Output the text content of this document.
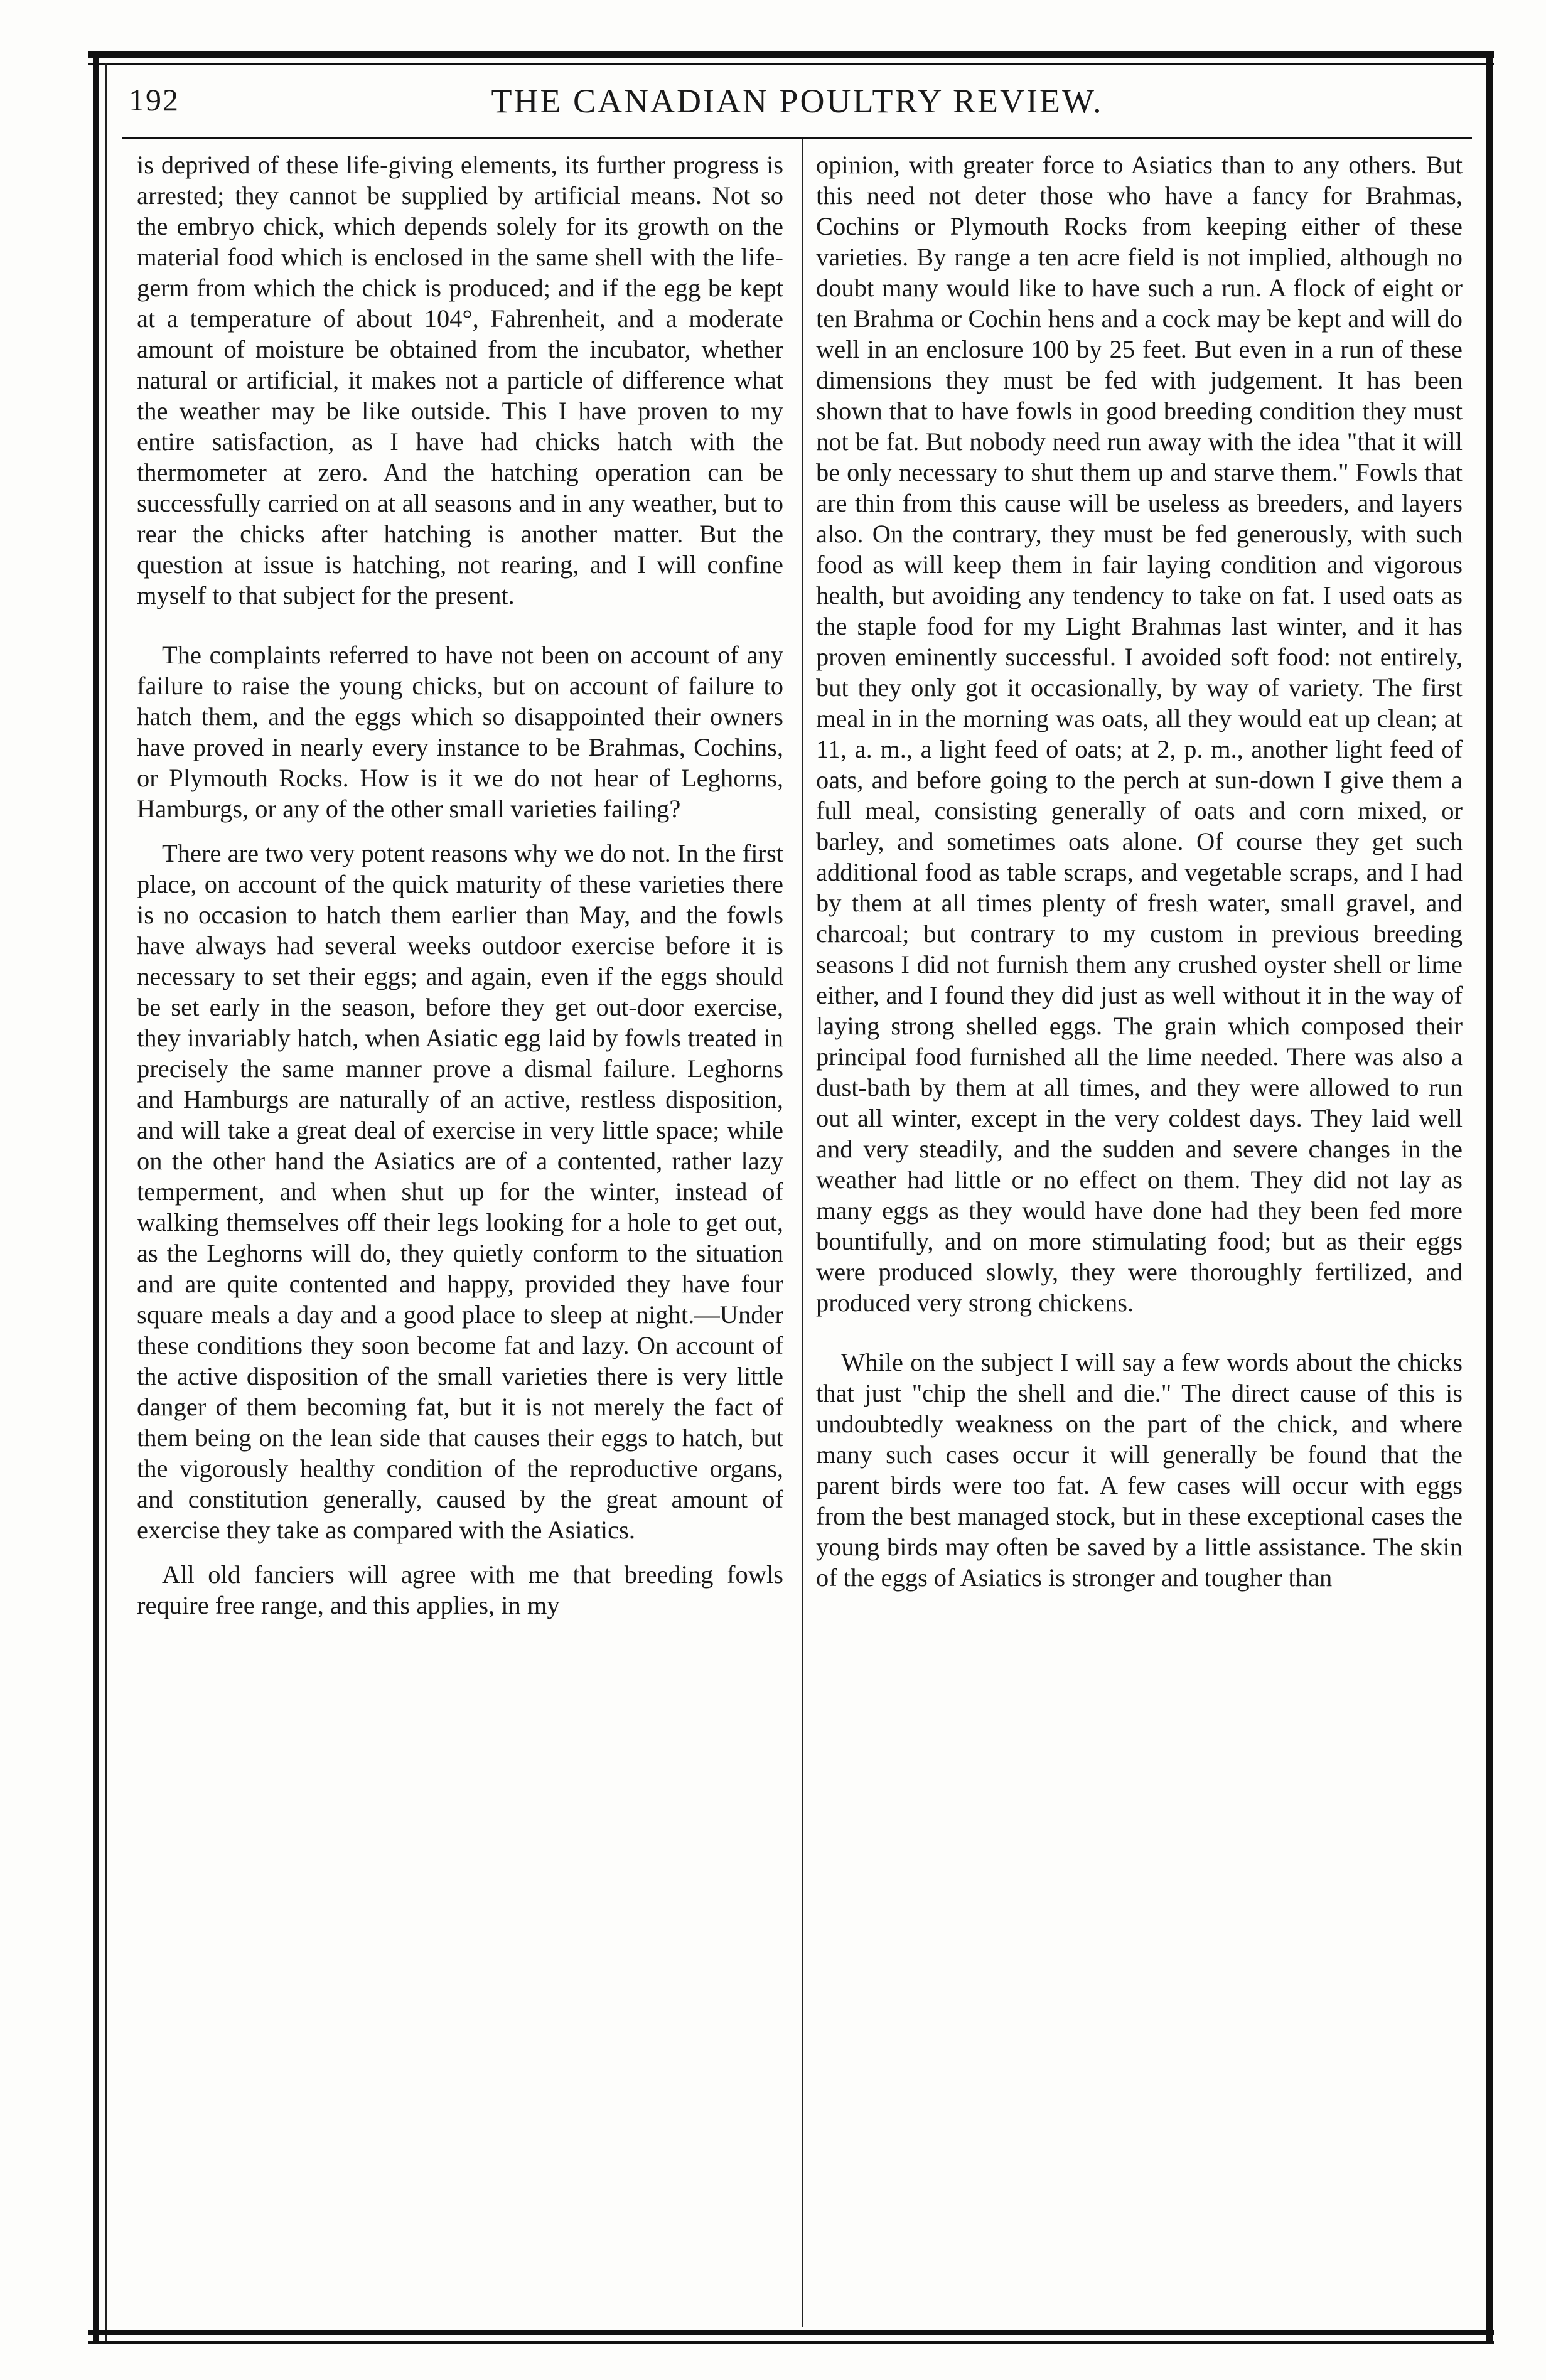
192	THE CANADIAN POULTRY REVIEW.

is deprived of these life-giving elements, its further progress is arrested; they cannot be supplied by artificial means. Not so the embryo chick, which depends solely for its growth on the material food which is enclosed in the same shell with the life-germ from which the chick is produced; and if the egg be kept at a temperature of about 104°, Fahrenheit, and a moderate amount of moisture be obtained from the incubator, whether natural or artificial, it makes not a particle of difference what the weather may be like outside. This I have proven to my entire satisfaction, as I have had chicks hatch with the thermometer at zero. And the hatching operation can be successfully carried on at all seasons and in any weather, but to rear the chicks after hatching is another matter. But the question at issue is hatching, not rearing, and I will confine myself to that subject for the present.

The complaints referred to have not been on account of any failure to raise the young chicks, but on account of failure to hatch them, and the eggs which so disappointed their owners have proved in nearly every instance to be Brahmas, Cochins, or Plymouth Rocks. How is it we do not hear of Leghorns, Hamburgs, or any of the other small varieties failing?

There are two very potent reasons why we do not. In the first place, on account of the quick maturity of these varieties there is no occasion to hatch them earlier than May, and the fowls have always had several weeks outdoor exercise before it is necessary to set their eggs; and again, even if the eggs should be set early in the season, before they get out-door exercise, they invariably hatch, when Asiatic egg laid by fowls treated in precisely the same manner prove a dismal failure. Leghorns and Hamburgs are naturally of an active, restless disposition, and will take a great deal of exercise in very little space; while on the other hand the Asiatics are of a contented, rather lazy temperment, and when shut up for the winter, instead of walking themselves off their legs looking for a hole to get out, as the Leghorns will do, they quietly conform to the situation and are quite contented and happy, provided they have four square meals a day and a good place to sleep at night.—Under these conditions they soon become fat and lazy. On account of the active disposition of the small varieties there is very little danger of them becoming fat, but it is not merely the fact of them being on the lean side that causes their eggs to hatch, but the vigorously healthy condition of the reproductive organs, and constitution generally, caused by the great amount of exercise they take as compared with the Asiatics.

All old fanciers will agree with me that breeding fowls require free range, and this applies, in my

opinion, with greater force to Asiatics than to any others. But this need not deter those who have a fancy for Brahmas, Cochins or Plymouth Rocks from keeping either of these varieties. By range a ten acre field is not implied, although no doubt many would like to have such a run. A flock of eight or ten Brahma or Cochin hens and a cock may be kept and will do well in an enclosure 100 by 25 feet. But even in a run of these dimensions they must be fed with judgement. It has been shown that to have fowls in good breeding condition they must not be fat. But nobody need run away with the idea "that it will be only necessary to shut them up and starve them." Fowls that are thin from this cause will be useless as breeders, and layers also. On the contrary, they must be fed generously, with such food as will keep them in fair laying condition and vigorous health, but avoiding any tendency to take on fat. I used oats as the staple food for my Light Brahmas last winter, and it has proven eminently successful. I avoided soft food: not entirely, but they only got it occasionally, by way of variety. The first meal in in the morning was oats, all they would eat up clean; at 11, a. m., a light feed of oats; at 2, p. m., another light feed of oats, and before going to the perch at sun-down I give them a full meal, consisting generally of oats and corn mixed, or barley, and sometimes oats alone. Of course they get such additional food as table scraps, and vegetable scraps, and I had by them at all times plenty of fresh water, small gravel, and charcoal; but contrary to my custom in previous breeding seasons I did not furnish them any crushed oyster shell or lime either, and I found they did just as well without it in the way of laying strong shelled eggs. The grain which composed their principal food furnished all the lime needed. There was also a dust-bath by them at all times, and they were allowed to run out all winter, except in the very coldest days. They laid well and very steadily, and the sudden and severe changes in the weather had little or no effect on them. They did not lay as many eggs as they would have done had they been fed more bountifully, and on more stimulating food; but as their eggs were produced slowly, they were thoroughly fertilized, and produced very strong chickens.

While on the subject I will say a few words about the chicks that just "chip the shell and die." The direct cause of this is undoubtedly weakness on the part of the chick, and where many such cases occur it will generally be found that the parent birds were too fat. A few cases will occur with eggs from the best managed stock, but in these exceptional cases the young birds may often be saved by a little assistance. The skin of the eggs of Asiatics is stronger and tougher than
